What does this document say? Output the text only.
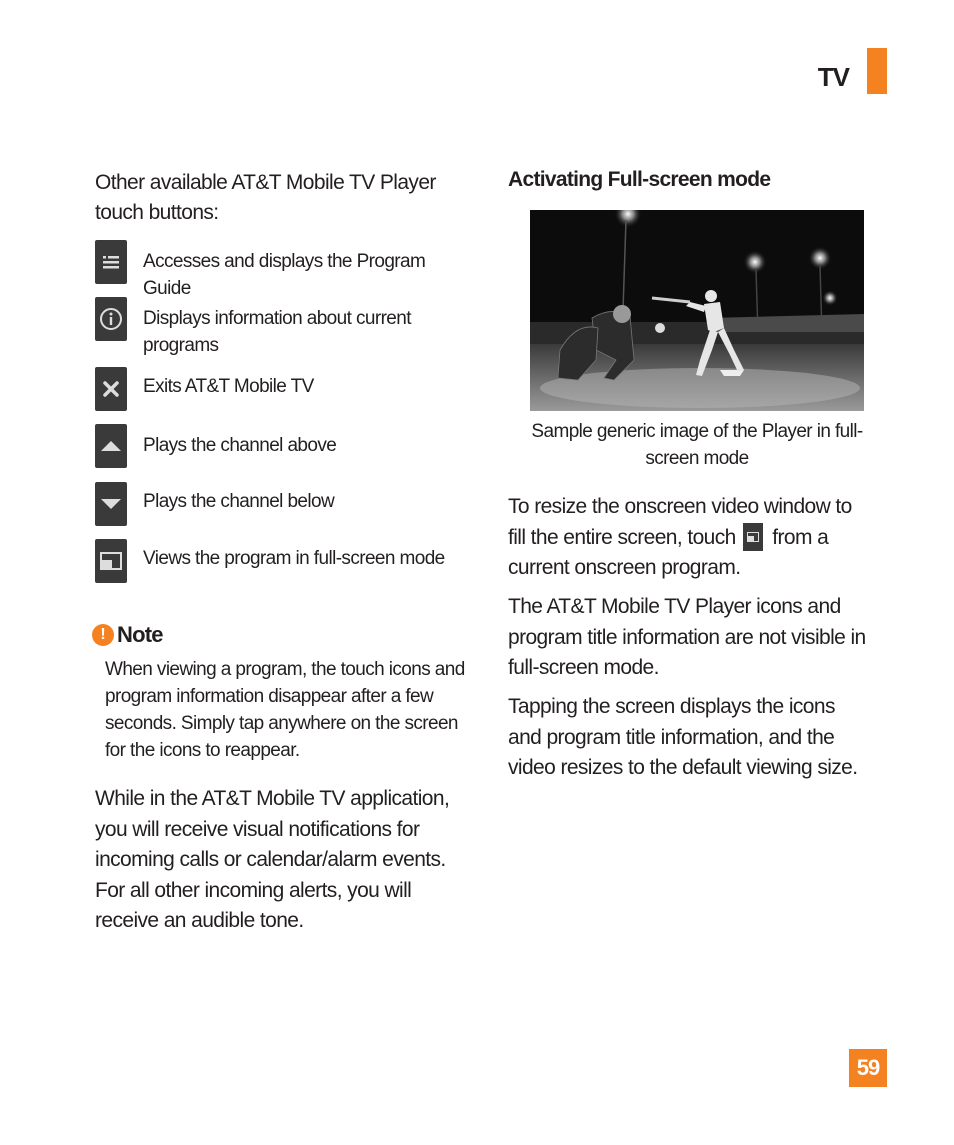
TV
Other available AT&T Mobile TV Player touch buttons:
Accesses and displays the Program Guide
Displays information about current programs
Exits AT&T Mobile TV
Plays the channel above
Plays the channel below
Views the program in full-screen mode
! Note
When viewing a program, the touch icons and program information disappear after a few seconds. Simply tap anywhere on the screen for the icons to reappear.
While in the AT&T Mobile TV application, you will receive visual notifications for incoming calls or calendar/alarm events. For all other incoming alerts, you will receive an audible tone.
Activating Full-screen mode
Sample generic image of the Player in full-screen mode
To resize the onscreen video window to fill the entire screen, touch from a current onscreen program.
The AT&T Mobile TV Player icons and program title information are not visible in full-screen mode.
Tapping the screen displays the icons and program title information, and the video resizes to the default viewing size.
59
